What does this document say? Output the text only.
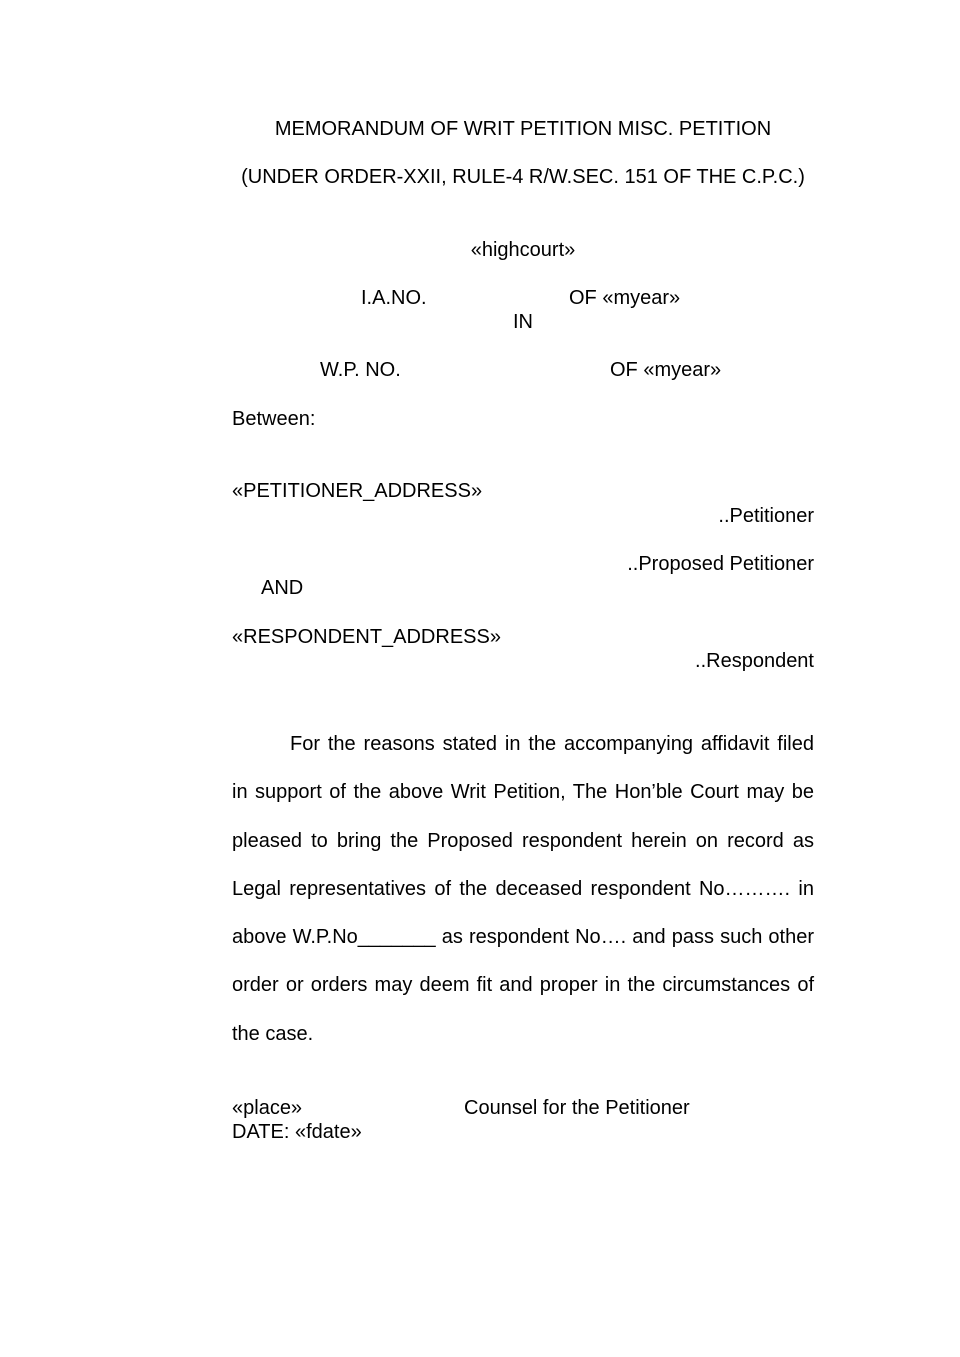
MEMORANDUM OF WRIT PETITION MISC. PETITION
(UNDER ORDER-XXII, RULE-4 R/W.SEC. 151 OF THE C.P.C.)
«highcourt»
I.A.NO.	OF «myear»
IN
W.P. NO.	OF «myear»
Between:
«PETITIONER_ADDRESS»
..Petitioner
..Proposed Petitioner
AND
«RESPONDENT_ADDRESS»
..Respondent
For the reasons stated in the accompanying affidavit filed in support of the above Writ Petition, The Hon’ble Court may be pleased to bring the Proposed respondent herein on record as Legal representatives of the deceased respondent No………. in above W.P.No_______ as respondent No…. and pass such other order or orders may deem fit and proper in the circumstances of the case.
«place»	Counsel for the Petitioner
DATE: «fdate»
